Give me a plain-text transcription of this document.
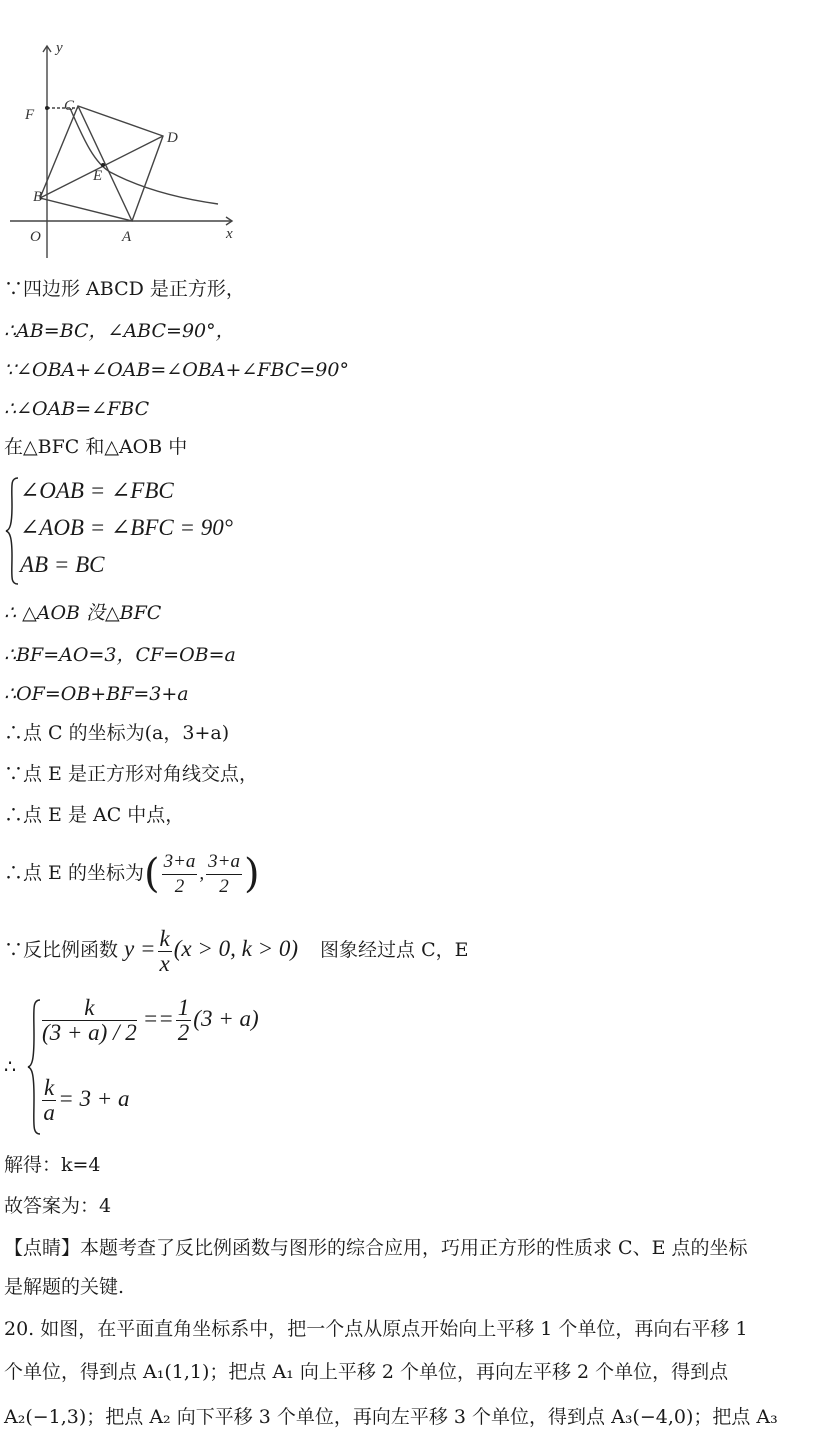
y
x
O	A
B
C
D
E
F
∵四边形 ABCD 是正方形，
∴AB=BC，∠ABC=90°，
∵∠OBA+∠OAB=∠OBA+∠FBC=90°
∴∠OAB=∠FBC
在△BFC 和△AOB 中
∠OAB = ∠FBC
∠AOB = ∠BFC = 90°
AB = BC
∴ △AOB 没△BFC
∴BF=AO=3，CF=OB=a
∴OF=OB+BF=3+a
∴点 C 的坐标为(a，3+a)
∵点 E 是正方形对角线交点，
∴点 E 是 AC 中点，
∴点 E 的坐标为( $\frac{3+a}{2}$ , $\frac{3+a}{2}$ )
∵反比例函数 $y = \frac{k}{x} (x > 0$, k > 0) 图象经过点 C，E
∴
$\frac{k}{(3 + a) / 2} == \frac{1}{2} (3 + a)$
$\frac{k}{a} = 3 + a$
解得：k=4
故答案为：4
【点睛】本题考查了反比例函数与图形的综合应用，巧用正方形的性质求 C、E 点的坐标
是解题的关键.
20. 如图，在平面直角坐标系中，把一个点从原点开始向上平移 1 个单位，再向右平移 1
个单位，得到点 A₁(1,1)；把点 A₁ 向上平移 2 个单位，再向左平移 2 个单位，得到点
A₂(−1,3)；把点 A₂ 向下平移 3 个单位，再向左平移 3 个单位，得到点 A₃(−4,0)；把点 A₃
